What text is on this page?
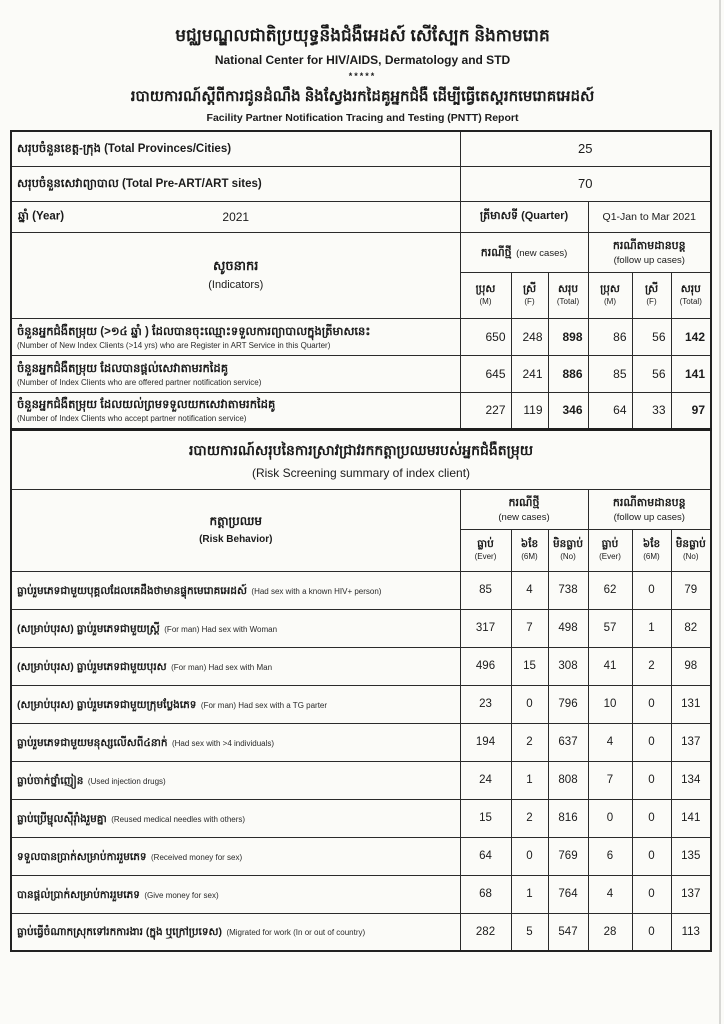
មជ្ឈមណ្ឌលជាតិប្រយុទ្ធនឹងជំងឺអេដស៍ សើស្បែក និងកាមរោគ
National Center for HIV/AIDS, Dermatology and STD
*****
របាយការណ៍ស្តីពីការជូនដំណឹង និងស្វែងរកដៃគូអ្នកជំងឺ ដើម្បីធ្វើតេស្តរកមេរោគអេដស៍
Facility Partner Notification Tracing and Testing (PNTT) Report
សរុបចំនួនខេត្ត-ក្រុង (Total Provinces/Cities)	25					
សរុបចំនួនសេវាព្យាបាល (Total Pre-ART/ART sites)	70					

ឆ្នាំ (Year) 2021	ត្រីមាសទី (Quarter)			Q1-Jan to Mar 2021		

សូចនាករ
(Indicators)	ករណីថ្មី (new cases)			ករណីតាមដានបន្ត
(follow up cases)		

	ប្រុស
(M)	ស្រី
(F)	សរុប
(Total)	ប្រុស
(M)	ស្រី
(F)	សរុប
(Total)

ចំនួនអ្នកជំងឺតម្រុយ (>១៤ ឆ្នាំ ) ដែលបានចុះឈ្មោះទទួលការព្យាបាលក្នុងត្រីមាសនេះ
(Number of New Index Clients (>14 yrs) who are Register in ART Service in this Quarter)	650	248	898	86	56	142

ចំនួនអ្នកជំងឺតម្រុយ ដែលបានផ្តល់សេវាតាមរកដៃគូ
(Number of Index Clients who are offered partner notification service)	645	241	886	85	56	141

ចំនួនអ្នកជំងឺតម្រុយ ដែលយល់ព្រមទទួលយកសេវាតាមរកដៃគូ
(Number of Index Clients who accept partner notification service)	227	119	346	64	33	97

របាយការណ៍សរុបនៃការស្រាវជ្រាវរកកត្តាប្រឈមរបស់អ្នកជំងឺតម្រុយ
(Risk Screening summary of index client)						

កត្តាប្រឈម
(Risk Behavior)	ករណីថ្មី
(new cases)			ករណីតាមដានបន្ត
(follow up cases)		

	ធ្លាប់
(Ever)	៦ខែ
(6M)	មិនធ្លាប់
(No)	ធ្លាប់
(Ever)	៦ខែ
(6M)	មិនធ្លាប់
(No)

ធ្លាប់រួមភេទជាមួយបុគ្គលដែលគេដឹងថាមានផ្ទុកមេរោគអេដស៍ (Had sex with a known HIV+ person)	85	4	738	62	0	79
(សម្រាប់បុរស) ធ្លាប់រួមភេទជាមួយស្ត្រី (For man) Had sex with Woman	317	7	498	57	1	82
(សម្រាប់បុរស) ធ្លាប់រួមភេទជាមួយបុរស (For man) Had sex with Man	496	15	308	41	2	98
(សម្រាប់បុរស) ធ្លាប់រួមភេទជាមួយក្រុមប្លែងភេទ (For man) Had sex with a TG parter	23	0	796	10	0	131
ធ្លាប់រួមភេទជាមួយមនុស្សលើសពី៤នាក់ (Had sex with >4 individuals)	194	2	637	4	0	137
ធ្លាប់ចាក់ថ្នាំញៀន (Used injection drugs)	24	1	808	7	0	134
ធ្លាប់ប្រើម្ជុលស៊ីរ៉ាំងរួមគ្នា (Reused medical needles with others)	15	2	816	0	0	141
ទទួលបានប្រាក់សម្រាប់ការរួមភេទ (Received money for sex)	64	0	769	6	0	135
បានផ្តល់ប្រាក់សម្រាប់ការរួមភេទ (Give money for sex)	68	1	764	4	0	137
ធ្លាប់ធ្វើចំណាកស្រុកទៅរកការងារ (ក្នុង ឬក្រៅប្រទេស) (Migrated for work (In or out of country)	282	5	547	28	0	113
